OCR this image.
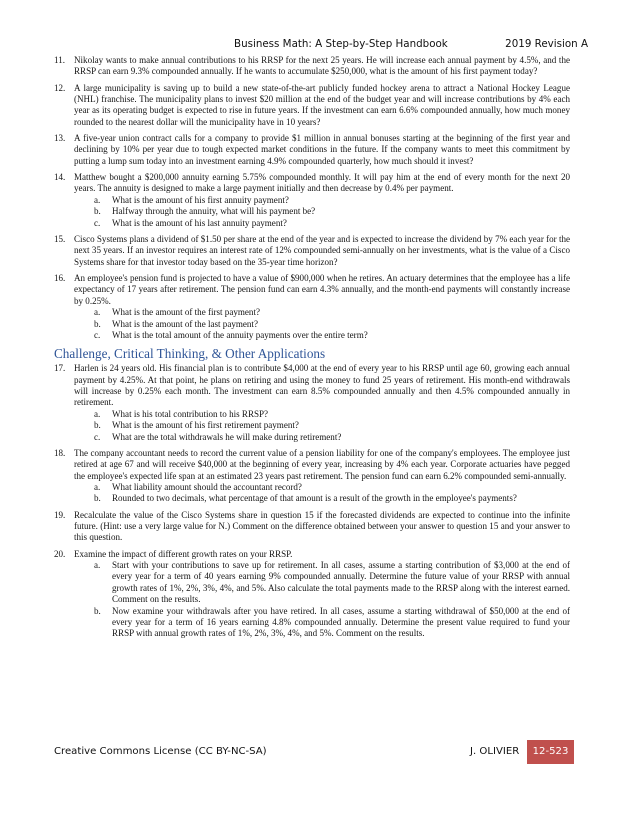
Business Math: A Step-by-Step Handbook	2019 Revision A
11. Nikolay wants to make annual contributions to his RRSP for the next 25 years. He will increase each annual payment by 4.5%, and the RRSP can earn 9.3% compounded annually. If he wants to accumulate $250,000, what is the amount of his first payment today?
12. A large municipality is saving up to build a new state-of-the-art publicly funded hockey arena to attract a National Hockey League (NHL) franchise. The municipality plans to invest $20 million at the end of the budget year and will increase contributions by 4% each year as its operating budget is expected to rise in future years. If the investment can earn 6.6% compounded annually, how much money rounded to the nearest dollar will the municipality have in 10 years?
13. A five-year union contract calls for a company to provide $1 million in annual bonuses starting at the beginning of the first year and declining by 10% per year due to tough expected market conditions in the future. If the company wants to meet this commitment by putting a lump sum today into an investment earning 4.9% compounded quarterly, how much should it invest?
14. Matthew bought a $200,000 annuity earning 5.75% compounded monthly. It will pay him at the end of every month for the next 20 years. The annuity is designed to make a large payment initially and then decrease by 0.4% per payment.
a. What is the amount of his first annuity payment?
b. Halfway through the annuity, what will his payment be?
c. What is the amount of his last annuity payment?
15. Cisco Systems plans a dividend of $1.50 per share at the end of the year and is expected to increase the dividend by 7% each year for the next 35 years. If an investor requires an interest rate of 12% compounded semi-annually on her investments, what is the value of a Cisco Systems share for that investor today based on the 35-year time horizon?
16. An employee's pension fund is projected to have a value of $900,000 when he retires. An actuary determines that the employee has a life expectancy of 17 years after retirement. The pension fund can earn 4.3% annually, and the month-end payments will constantly increase by 0.25%.
a. What is the amount of the first payment?
b. What is the amount of the last payment?
c. What is the total amount of the annuity payments over the entire term?
Challenge, Critical Thinking, & Other Applications
17. Harlen is 24 years old. His financial plan is to contribute $4,000 at the end of every year to his RRSP until age 60, growing each annual payment by 4.25%. At that point, he plans on retiring and using the money to fund 25 years of retirement. His month-end withdrawals will increase by 0.25% each month. The investment can earn 8.5% compounded annually and then 4.5% compounded annually in retirement.
a. What is his total contribution to his RRSP?
b. What is the amount of his first retirement payment?
c. What are the total withdrawals he will make during retirement?
18. The company accountant needs to record the current value of a pension liability for one of the company's employees. The employee just retired at age 67 and will receive $40,000 at the beginning of every year, increasing by 4% each year. Corporate actuaries have pegged the employee's expected life span at an estimated 23 years past retirement. The pension fund can earn 6.2% compounded semi-annually.
a. What liability amount should the accountant record?
b. Rounded to two decimals, what percentage of that amount is a result of the growth in the employee's payments?
19. Recalculate the value of the Cisco Systems share in question 15 if the forecasted dividends are expected to continue into the infinite future. (Hint: use a very large value for N.) Comment on the difference obtained between your answer to question 15 and your answer to this question.
20. Examine the impact of different growth rates on your RRSP.
a. Start with your contributions to save up for retirement. In all cases, assume a starting contribution of $3,000 at the end of every year for a term of 40 years earning 9% compounded annually. Determine the future value of your RRSP with annual growth rates of 1%, 2%, 3%, 4%, and 5%. Also calculate the total payments made to the RRSP along with the interest earned. Comment on the results.
b. Now examine your withdrawals after you have retired. In all cases, assume a starting withdrawal of $50,000 at the end of every year for a term of 16 years earning 4.8% compounded annually. Determine the present value required to fund your RRSP with annual growth rates of 1%, 2%, 3%, 4%, and 5%. Comment on the results.
Creative Commons License (CC BY-NC-SA)	J. OLIVIER	12-523
